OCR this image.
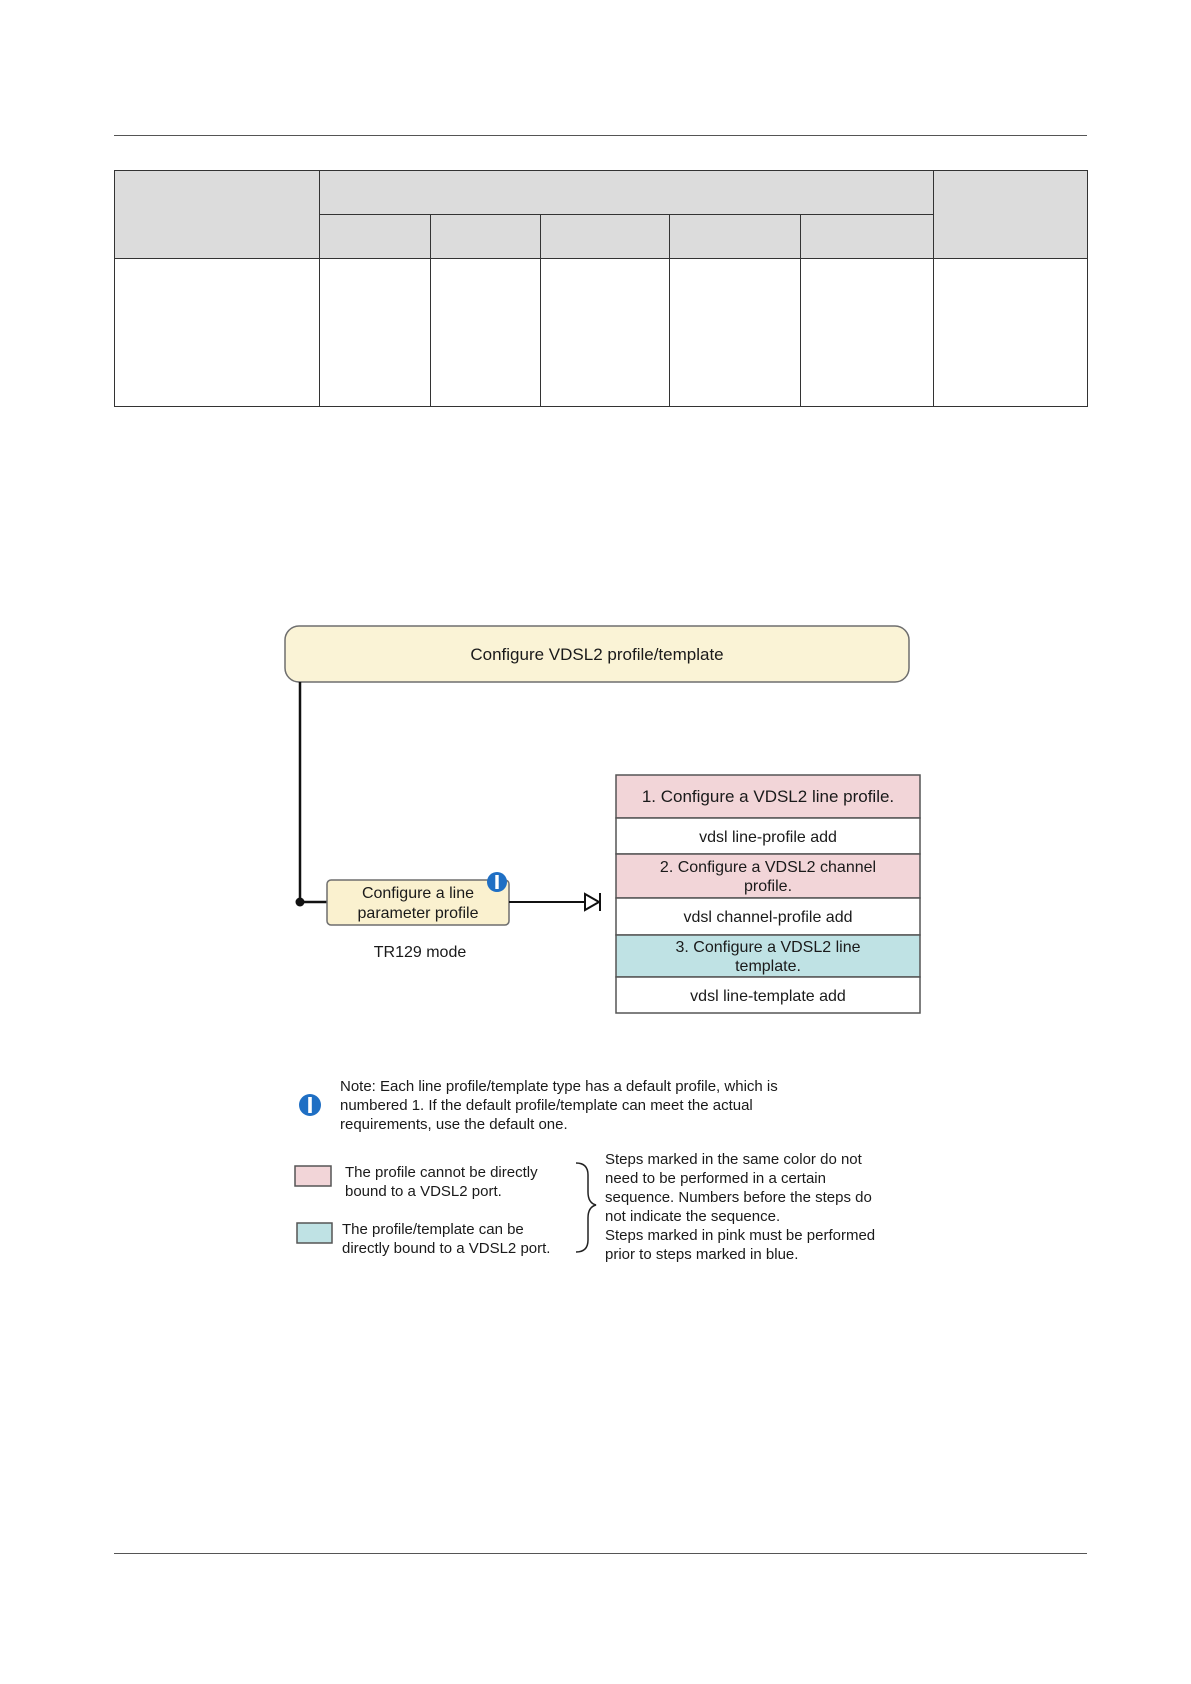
Configure VDSL2 profile/template
Configure a line
parameter profile
TR129 mode
1. Configure a VDSL2 line profile.
vdsl line-profile add
2. Configure a VDSL2 channel
profile.
vdsl channel-profile add
3. Configure a VDSL2 line
template.
vdsl line-template add
Note: Each line profile/template type has a default profile, which is
numbered 1. If the default profile/template can meet the actual
requirements, use the default one.
The profile cannot be directly
bound to a VDSL2 port.
The profile/template can be
directly bound to a VDSL2 port.
Steps marked in the same color do not
need to be performed in a certain
sequence. Numbers before the steps do
not indicate the sequence.
Steps marked in pink must be performed
prior to steps marked in blue.
